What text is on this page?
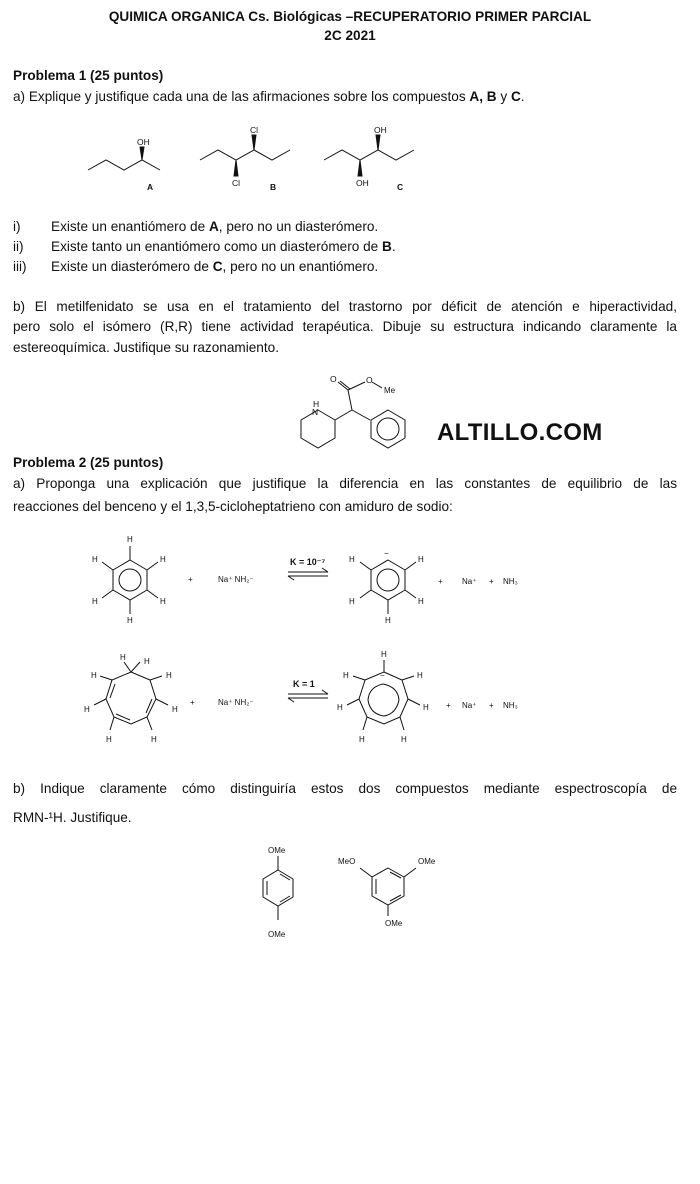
QUIMICA ORGANICA Cs. Biológicas –RECUPERATORIO PRIMER PARCIAL
2C 2021
Problema 1 (25 puntos)
a) Explique y justifique cada una de las afirmaciones sobre los compuestos A, B y C.
OH
A
Cl
Cl	B
OH
OH	C
i) Existe un enantiómero de A, pero no un diasterómero.
ii) Existe tanto un enantiómero como un diasterómero de B.
iii) Existe un diasterómero de C, pero no un enantiómero.
b) El metilfenidato se usa en el tratamiento del trastorno por déficit de atención e hiperactividad,
pero solo el isómero (R,R) tiene actividad terapéutica. Dibuje su estructura indicando claramente la
estereoquímica. Justifique su razonamiento.
O	O
Me
H
N
ALTILLO.COM
Problema 2 (25 puntos)
a) Proponga una explicación que justifique la diferencia en las constantes de equilibrio de las
reacciones del benceno y el 1,3,5-cicloheptatrieno con amiduro de sodio:
H
H
H
H
H
H
+	Na⁺ NH₂⁻
K = 10⁻⁷
−
H
H
H
H
H
+ Na⁺ + NH₃
H H
H
H
H
H
H
H
+	Na⁺ NH₂⁻
K = 1
H
−	H
H
H
H
H
H
+ Na⁺ + NH₃
b) Indique claramente cómo distinguiría estos dos compuestos mediante espectroscopía de
RMN-¹H. Justifique.
OMe
OMe
MeO	OMe
OMe
